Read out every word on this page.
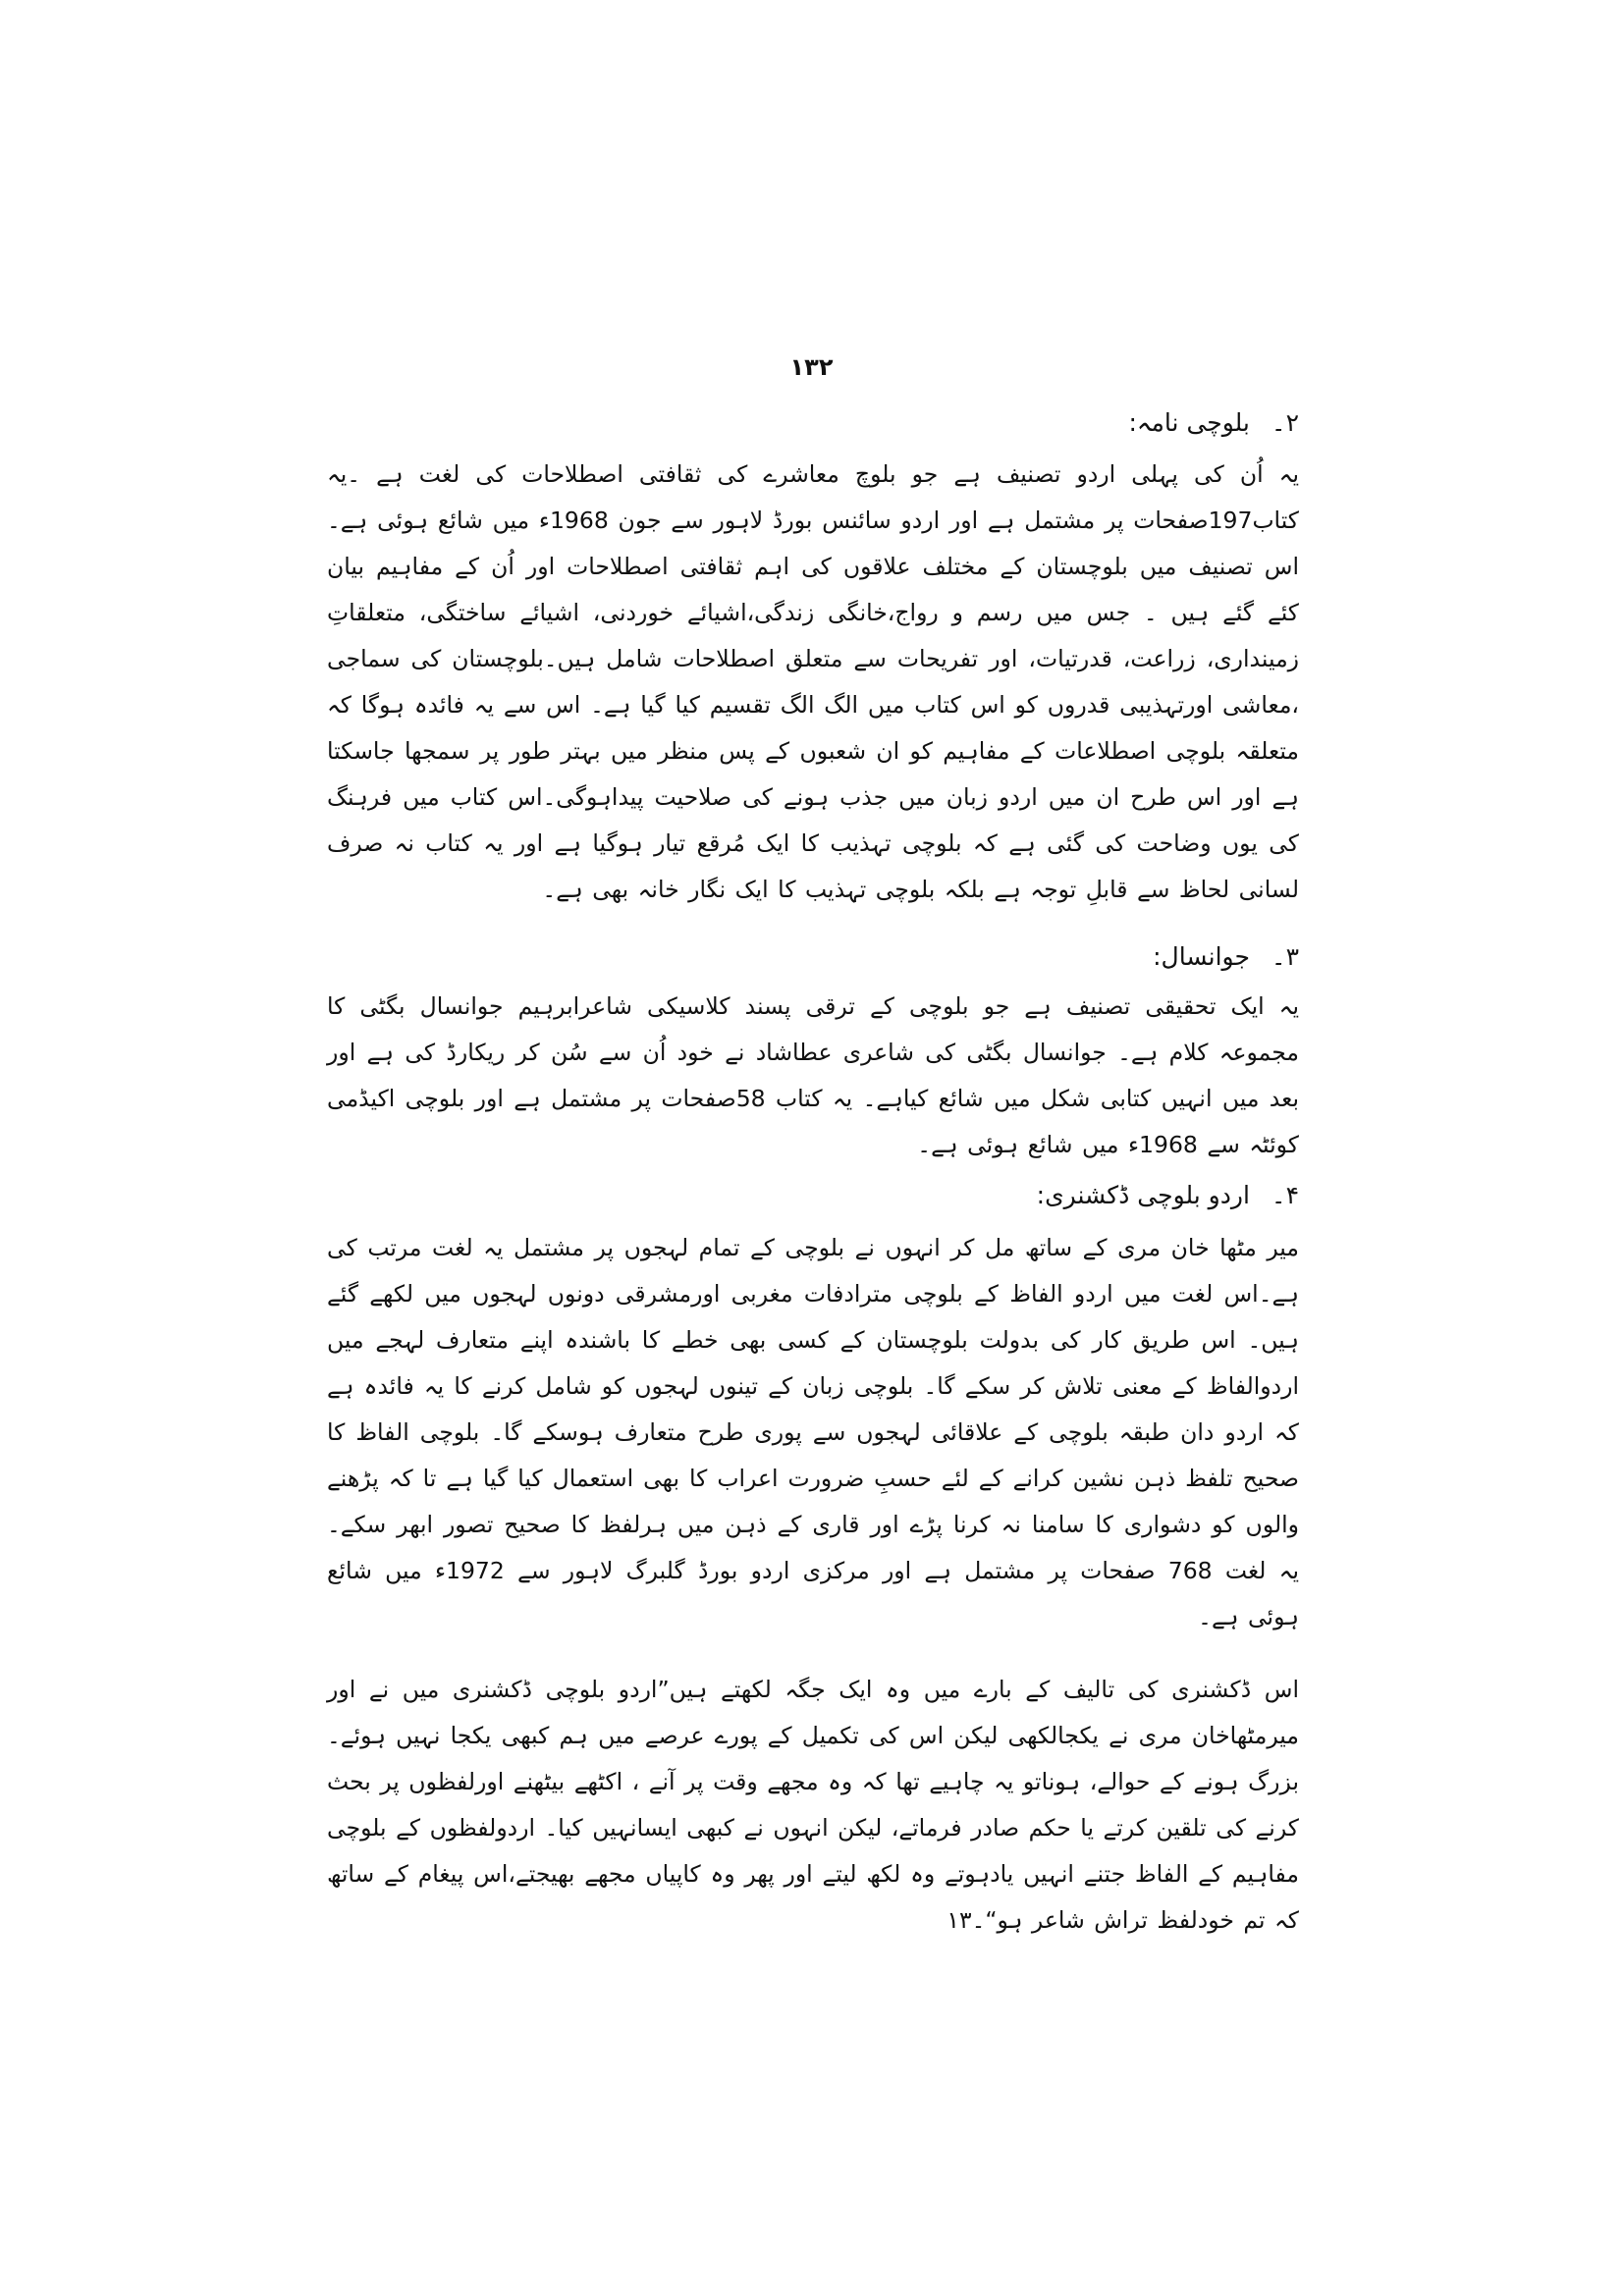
۱۳۲
۲۔بلوچی نامہ:

یہ اُن کی پہلی اردو تصنیف ہے جو بلوچ معاشرے کی ثقافتی اصطلاحات کی لغت ہے ۔یہ کتاب197صفحات پر مشتمل ہے اور اردو سائنس بورڈ لاہور سے جون 1968ء میں شائع ہوئی ہے۔ اس تصنیف میں بلوچستان کے مختلف علاقوں کی اہم ثقافتی اصطلاحات اور اُن کے مفاہیم بیان کئے گئے ہیں ۔ جس میں رسم و رواج،خانگی زندگی،اشیائے خوردنی، اشیائے ساختگی، متعلقاتِ زمینداری، زراعت، قدرتیات، اور تفریحات سے متعلق اصطلاحات شامل ہیں۔بلوچستان کی سماجی ،معاشی اورتہذیبی قدروں کو اس کتاب میں الگ الگ تقسیم کیا گیا ہے۔ اس سے یہ فائدہ ہوگا کہ متعلقہ بلوچی اصطلاعات کے مفاہیم کو ان شعبوں کے پس منظر میں بہتر طور پر سمجھا جاسکتا ہے اور اس طرح ان میں اردو زبان میں جذب ہونے کی صلاحیت پیداہوگی۔اس کتاب میں فرہنگ کی یوں وضاحت کی گئی ہے کہ بلوچی تہذیب کا ایک مُرقع تیار ہوگیا ہے اور یہ کتاب نہ صرف لسانی لحاظ سے قابلِ توجہ ہے بلکہ بلوچی تہذیب کا ایک نگار خانہ بھی ہے۔

۳۔جوانسال:

یہ ایک تحقیقی تصنیف ہے جو بلوچی کے ترقی پسند کلاسیکی شاعرابرہیم جوانسال بگٹی کا مجموعہ کلام ہے۔ جوانسال بگٹی کی شاعری عطاشاد نے خود اُن سے سُن کر ریکارڈ کی ہے اور بعد میں انہیں کتابی شکل میں شائع کیاہے۔ یہ کتاب 58صفحات پر مشتمل ہے اور بلوچی اکیڈمی کوئٹہ سے 1968ء میں شائع ہوئی ہے۔

۴۔اردو بلوچی ڈکشنری:

میر مٹھا خان مری کے ساتھ مل کر انہوں نے بلوچی کے تمام لہجوں پر مشتمل یہ لغت مرتب کی ہے۔اس لغت میں اردو الفاظ کے بلوچی مترادفات مغربی اورمشرقی دونوں لہجوں میں لکھے گئے ہیں۔ اس طریق کار کی بدولت بلوچستان کے کسی بھی خطے کا باشندہ اپنے متعارف لہجے میں اردوالفاظ کے معنی تلاش کر سکے گا۔ بلوچی زبان کے تینوں لہجوں کو شامل کرنے کا یہ فائدہ ہے کہ اردو دان طبقہ بلوچی کے علاقائی لہجوں سے پوری طرح متعارف ہوسکے گا۔ بلوچی الفاظ کا صحیح تلفظ ذہن نشین کرانے کے لئے حسبِ ضرورت اعراب کا بھی استعمال کیا گیا ہے تا کہ پڑھنے والوں کو دشواری کا سامنا نہ کرنا پڑے اور قاری کے ذہن میں ہرلفظ کا صحیح تصور ابھر سکے۔ یہ لغت 768 صفحات پر مشتمل ہے اور مرکزی اردو بورڈ گلبرگ لاہور سے 1972ء میں شائع ہوئی ہے۔

اس ڈکشنری کی تالیف کے بارے میں وہ ایک جگہ لکھتے ہیں”اردو بلوچی ڈکشنری میں نے اور میرمٹھاخان مری نے یکجالکھی لیکن اس کی تکمیل کے پورے عرصے میں ہم کبھی یکجا نہیں ہوئے۔ بزرگ ہونے کے حوالے، ہوناتو یہ چاہیے تھا کہ وہ مجھے وقت پر آنے ، اکٹھے بیٹھنے اورلفظوں پر بحث کرنے کی تلقین کرتے یا حکم صادر فرماتے، لیکن انہوں نے کبھی ایسانہیں کیا۔ اردولفظوں کے بلوچی مفاہیم کے الفاظ جتنے انہیں یادہوتے وہ لکھ لیتے اور پھر وہ کاپیاں مجھے بھیجتے،اس پیغام کے ساتھ کہ تم خودلفظ تراش شاعر ہو“۔۱۳
